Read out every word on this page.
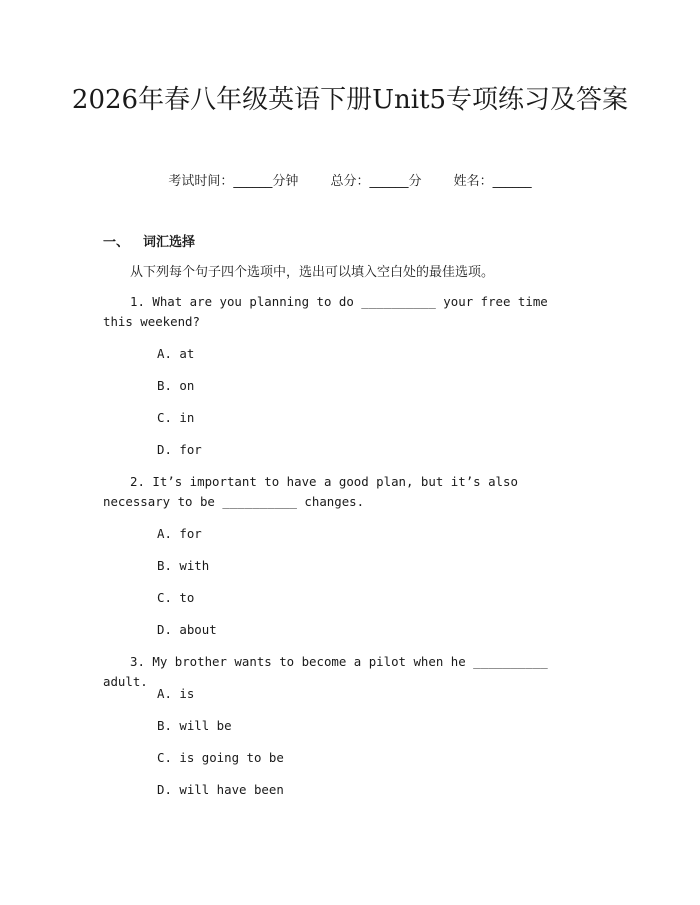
2026年春八年级英语下册Unit5专项练习及答案
考试时间：______分钟 总分：______分 姓名：______
一、 词汇选择
从下列每个句子四个选项中，选出可以填入空白处的最佳选项。
1. What are you planning to do __________ your free time this weekend?
A. at
B. on
C. in
D. for
2. It’s important to have a good plan, but it’s also necessary to be __________ changes.
A. for
B. with
C. to
D. about
3. My brother wants to become a pilot when he __________ adult.
A. is
B. will be
C. is going to be
D. will have been
